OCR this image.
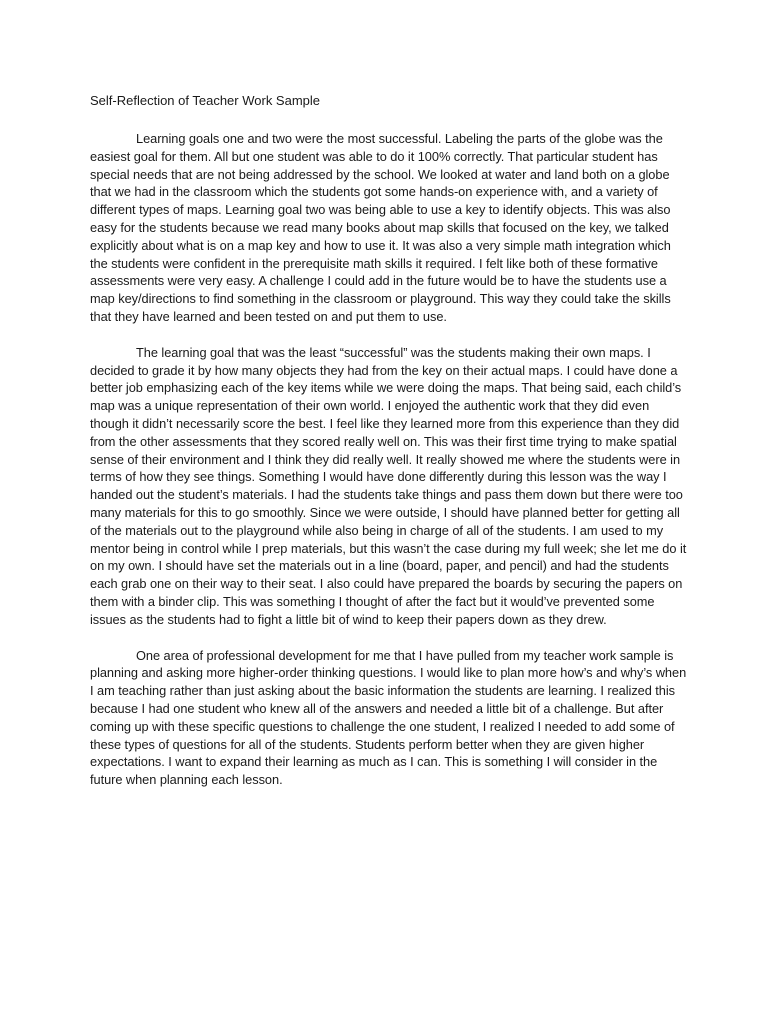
Self-Reflection of Teacher Work Sample

Learning goals one and two were the most successful. Labeling the parts of the globe was the easiest goal for them. All but one student was able to do it 100% correctly. That particular student has special needs that are not being addressed by the school. We looked at water and land both on a globe that we had in the classroom which the students got some hands-on experience with, and a variety of different types of maps. Learning goal two was being able to use a key to identify objects. This was also easy for the students because we read many books about map skills that focused on the key, we talked explicitly about what is on a map key and how to use it. It was also a very simple math integration which the students were confident in the prerequisite math skills it required. I felt like both of these formative assessments were very easy. A challenge I could add in the future would be to have the students use a map key/directions to find something in the classroom or playground. This way they could take the skills that they have learned and been tested on and put them to use.

The learning goal that was the least “successful” was the students making their own maps. I decided to grade it by how many objects they had from the key on their actual maps. I could have done a better job emphasizing each of the key items while we were doing the maps. That being said, each child’s map was a unique representation of their own world. I enjoyed the authentic work that they did even though it didn’t necessarily score the best. I feel like they learned more from this experience than they did from the other assessments that they scored really well on. This was their first time trying to make spatial sense of their environment and I think they did really well. It really showed me where the students were in terms of how they see things. Something I would have done differently during this lesson was the way I handed out the student’s materials. I had the students take things and pass them down but there were too many materials for this to go smoothly. Since we were outside, I should have planned better for getting all of the materials out to the playground while also being in charge of all of the students. I am used to my mentor being in control while I prep materials, but this wasn’t the case during my full week; she let me do it on my own. I should have set the materials out in a line (board, paper, and pencil) and had the students each grab one on their way to their seat. I also could have prepared the boards by securing the papers on them with a binder clip. This was something I thought of after the fact but it would’ve prevented some issues as the students had to fight a little bit of wind to keep their papers down as they drew.

One area of professional development for me that I have pulled from my teacher work sample is planning and asking more higher-order thinking questions. I would like to plan more how’s and why’s when I am teaching rather than just asking about the basic information the students are learning. I realized this because I had one student who knew all of the answers and needed a little bit of a challenge. But after coming up with these specific questions to challenge the one student, I realized I needed to add some of these types of questions for all of the students. Students perform better when they are given higher expectations. I want to expand their learning as much as I can. This is something I will consider in the future when planning each lesson.
